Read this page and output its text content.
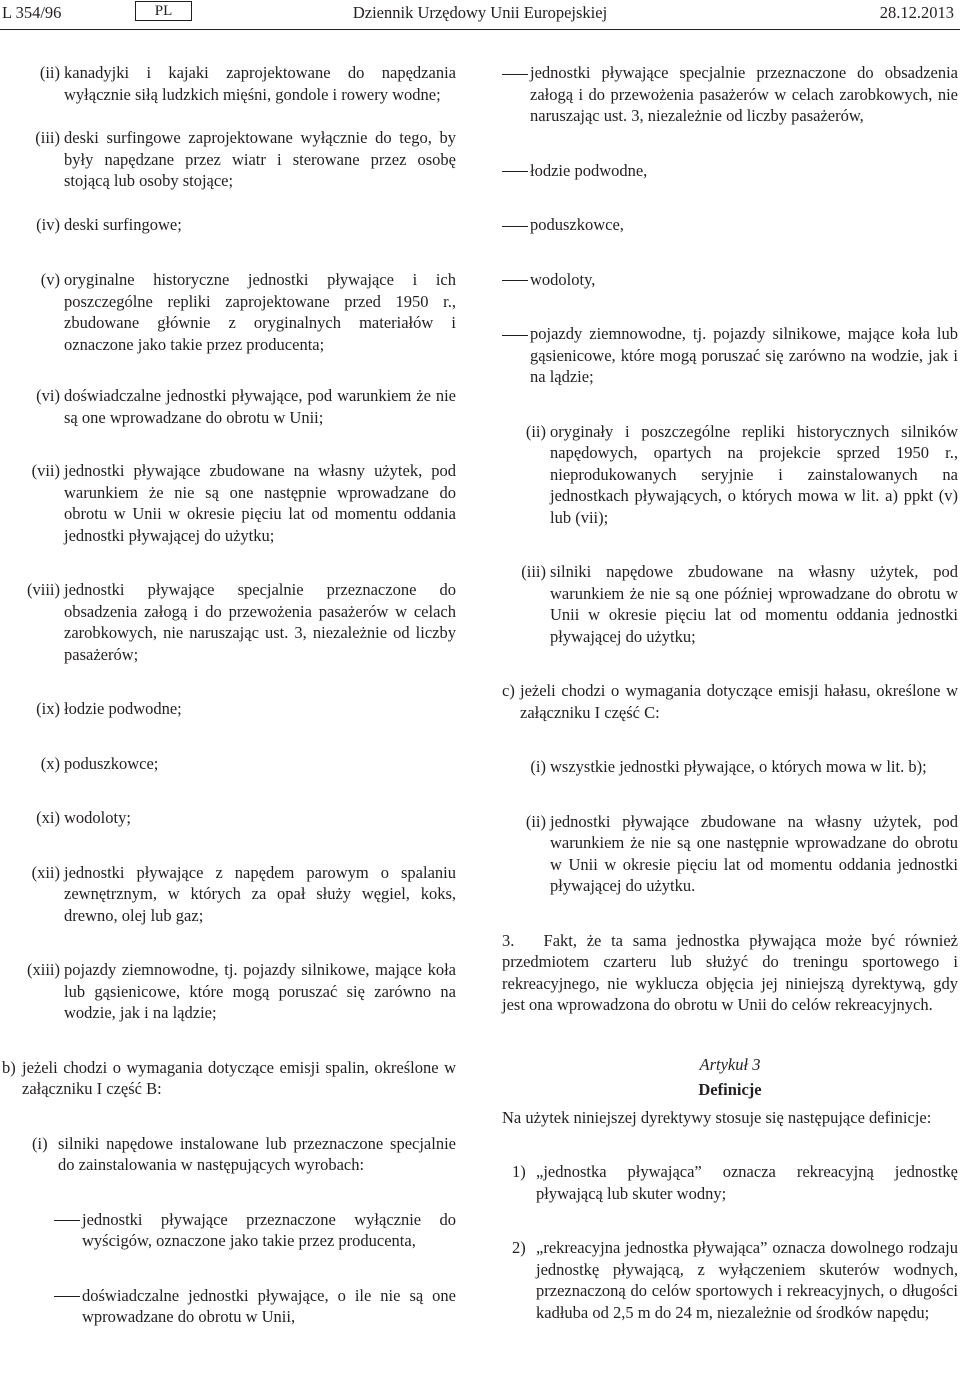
L 354/96	PL	Dziennik Urzędowy Unii Europejskiej	28.12.2013
(ii) kanadyjki i kajaki zaprojektowane do napędzania wyłącznie siłą ludzkich mięśni, gondole i rowery wodne;
(iii) deski surfingowe zaprojektowane wyłącznie do tego, by były napędzane przez wiatr i sterowane przez osobę stojącą lub osoby stojące;
(iv) deski surfingowe;
(v) oryginalne historyczne jednostki pływające i ich poszczególne repliki zaprojektowane przed 1950 r., zbudowane głównie z oryginalnych materiałów i oznaczone jako takie przez producenta;
(vi) doświadczalne jednostki pływające, pod warunkiem że nie są one wprowadzane do obrotu w Unii;
(vii) jednostki pływające zbudowane na własny użytek, pod warunkiem że nie są one następnie wprowadzane do obrotu w Unii w okresie pięciu lat od momentu oddania jednostki pływającej do użytku;
(viii) jednostki pływające specjalnie przeznaczone do obsadzenia załogą i do przewożenia pasażerów w celach zarobkowych, nie naruszając ust. 3, niezależnie od liczby pasażerów;
(ix) łodzie podwodne;
(x) poduszkowce;
(xi) wodoloty;
(xii) jednostki pływające z napędem parowym o spalaniu zewnętrznym, w których za opał służy węgiel, koks, drewno, olej lub gaz;
(xiii) pojazdy ziemnowodne, tj. pojazdy silnikowe, mające koła lub gąsienicowe, które mogą poruszać się zarówno na wodzie, jak i na lądzie;
b) jeżeli chodzi o wymagania dotyczące emisji spalin, określone w załączniku I część B:
(i) silniki napędowe instalowane lub przeznaczone specjalnie do zainstalowania w następujących wyrobach:
jednostki pływające przeznaczone wyłącznie do wyścigów, oznaczone jako takie przez producenta,
doświadczalne jednostki pływające, o ile nie są one wprowadzane do obrotu w Unii,
jednostki pływające specjalnie przeznaczone do obsadzenia załogą i do przewożenia pasażerów w celach zarobkowych, nie naruszając ust. 3, niezależnie od liczby pasażerów,
łodzie podwodne,
poduszkowce,
wodoloty,
pojazdy ziemnowodne, tj. pojazdy silnikowe, mające koła lub gąsienicowe, które mogą poruszać się zarówno na wodzie, jak i na lądzie;
(ii) oryginały i poszczególne repliki historycznych silników napędowych, opartych na projekcie sprzed 1950 r., nieprodukowanych seryjnie i zainstalowanych na jednostkach pływających, o których mowa w lit. a) ppkt (v) lub (vii);
(iii) silniki napędowe zbudowane na własny użytek, pod warunkiem że nie są one później wprowadzane do obrotu w Unii w okresie pięciu lat od momentu oddania jednostki pływającej do użytku;
c) jeżeli chodzi o wymagania dotyczące emisji hałasu, określone w załączniku I część C:
(i) wszystkie jednostki pływające, o których mowa w lit. b);
(ii) jednostki pływające zbudowane na własny użytek, pod warunkiem że nie są one następnie wprowadzane do obrotu w Unii w okresie pięciu lat od momentu oddania jednostki pływającej do użytku.
3. Fakt, że ta sama jednostka pływająca może być również przedmiotem czarteru lub służyć do treningu sportowego i rekreacyjnego, nie wyklucza objęcia jej niniejszą dyrektywą, gdy jest ona wprowadzona do obrotu w Unii do celów rekreacyjnych.
Artykuł 3
Definicje
Na użytek niniejszej dyrektywy stosuje się następujące definicje:
1) „jednostka pływająca” oznacza rekreacyjną jednostkę pływającą lub skuter wodny;
2) „rekreacyjna jednostka pływająca” oznacza dowolnego rodzaju jednostkę pływającą, z wyłączeniem skuterów wodnych, przeznaczoną do celów sportowych i rekreacyjnych, o długości kadłuba od 2,5 m do 24 m, niezależnie od środków napędu;
